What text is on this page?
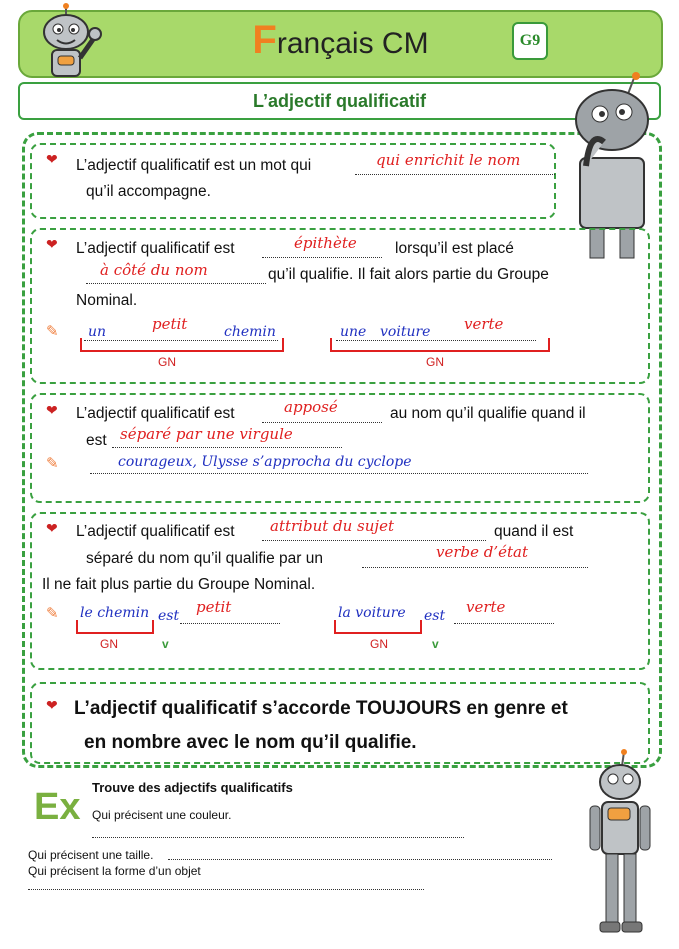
Français CM	G9
L’adjectif qualificatif
❤ L’adjectif qualificatif est un mot qui	qui enrichit le nom
qu’il accompagne.
❤ L’adjectif qualificatif est	épithète lorsqu’il est placé
à côté du nom	qu’il qualifie. Il fait alors partie du Groupe
Nominal.
✎ un	petit	chemin
GN
une voiture verte
GN
❤ L’adjectif qualificatif est	apposé	au nom qu’il qualifie quand il
est séparé par une virgule
✎	courageux, Ulysse s’approcha du cyclope
❤ L’adjectif qualificatif est attribut du sujet	quand il est
séparé du nom qu’il qualifie par un	verbe d’état
Il ne fait plus partie du Groupe Nominal.
✎ le chemin est petit
GN	v
la voiture est verte
GN	v
❤ L’adjectif qualificatif s’accorde TOUJOURS en genre et
en nombre avec le nom qu’il qualifie.
Ex Trouve des adjectifs qualificatifs
Qui précisent une couleur.
Qui précisent une taille.
Qui précisent la forme d’un objet
